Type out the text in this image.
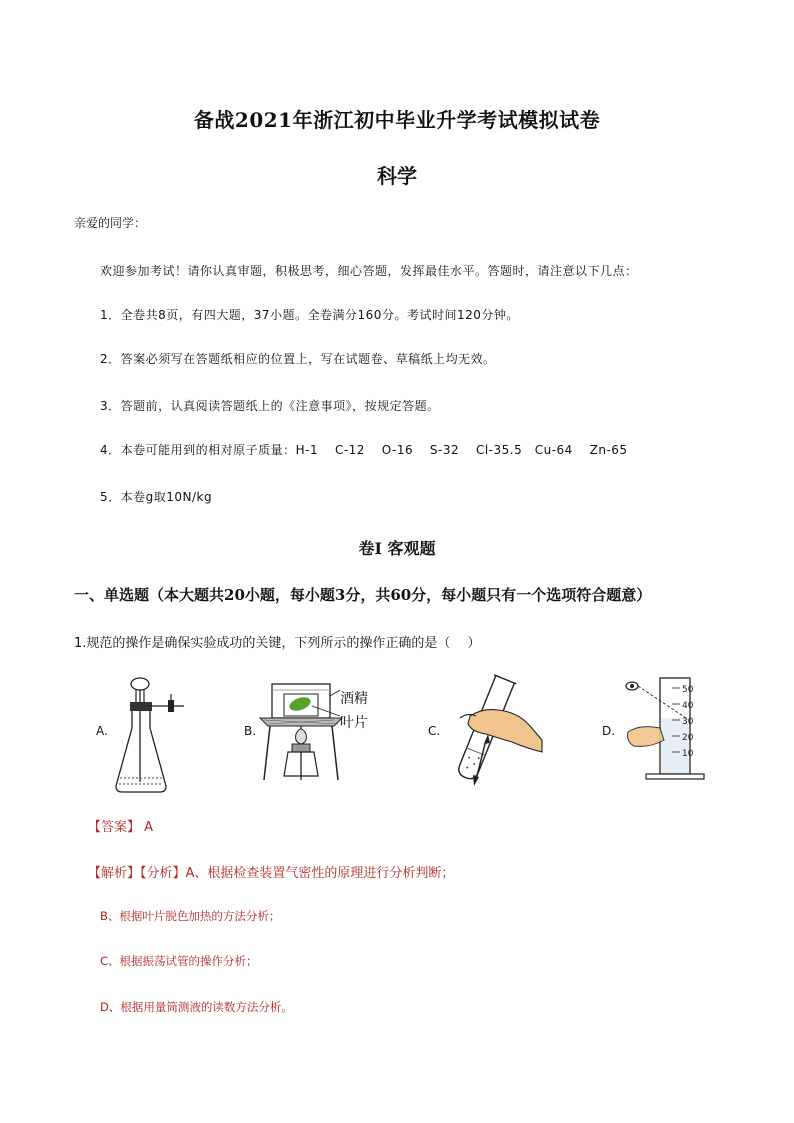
备战2021年浙江初中毕业升学考试模拟试卷
科学
亲爱的同学：
欢迎参加考试！请你认真审题，积极思考，细心答题，发挥最佳水平。答题时，请注意以下几点：
1．全卷共8页，有四大题，37小题。全卷满分160分。考试时间120分钟。
2．答案必须写在答题纸相应的位置上，写在试题卷、草稿纸上均无效。
3．答题前，认真阅读答题纸上的《注意事项》，按规定答题。
4．本卷可能用到的相对原子质量：H-1　 C-12　 O-16　 S-32　 Cl-35.5　Cu-64　 Zn-65
5．本卷g取10N/kg
卷Ⅰ 客观题
一、单选题（本大题共20小题，每小题3分，共60分，每小题只有一个选项符合题意）
1.规范的操作是确保实验成功的关键，下列所示的操作正确的是（　 ）
A.	B.
酒精
叶片	C.	D.
50
40
30
20
10
【答案】 A
【解析】【分析】A、根据检查装置气密性的原理进行分析判断；
B、根据叶片脱色加热的方法分析；
C、根据振荡试管的操作分析；
D、根据用量筒测液的读数方法分析。
